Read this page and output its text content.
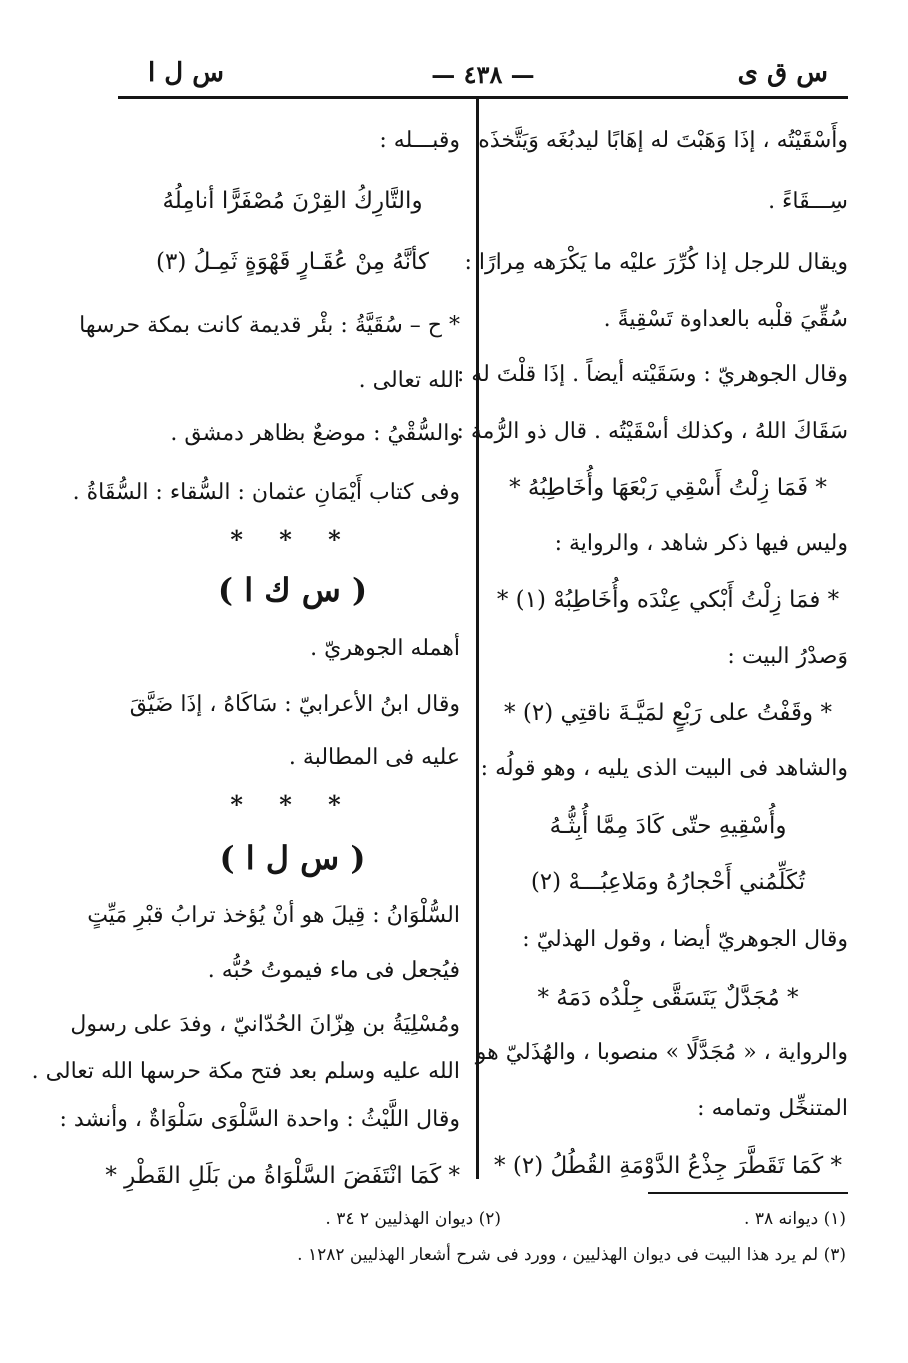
س ق ى
— ٤٣٨ —
س ل ا
وأَسْقَيْتُه ، إذَا وَهَبْتَ له إهَابًا ليدبُغَه وَيَتَّخذَه
سِـــقَاءً .
ويقال للرجل إذا كُرِّرَ عليْه ما يَكْرَهه مِرارًا :
سُقِّيَ قلْبه بالعداوة تَسْقِيةً .
وقال الجوهريّ : وسَقَيْته أيضاً . إذَا قلْتَ له :
سَقَاكَ اللهُ ، وكذلك أسْقَيْتُه . قال ذو الرُّمة :
* فَمَا زِلْتُ أَسْقِي رَبْعَهَا وأُخَاطِبُهُ *
وليس فيها ذكر شاهد ، والرواية :
* فمَا زِلْتُ أَبْكي عِنْدَه وأُخَاطِبُهْ (١) *
وَصدْرُ البيت :
* وقَفْتُ على رَبْعٍ لمَيَّـةَ ناقتِي (٢) *
والشاهد فى البيت الذى يليه ، وهو قولُه :
وأُسْقِيهِ حتّى كَادَ مِمَّا أُبِثُّـهُ
تُكَلِّمُني أَحْجارُهُ ومَلاعِبُـــهْ (٢)
وقال الجوهريّ أيضا ، وقول الهذليّ :
* مُجَدَّلٌ يَتَسَقَّى جِلْدُه دَمَهُ *
والرواية ، « مُجَدَّلًا » منصوبا ، والهُذَليّ هو
المتنخِّل وتمامه :
* كَمَا تَقَطَّرَ جِذْعُ الدَّوْمَةِ القُطُلُ (٢) *
وقبـــله :
والتَّارِكُ القِرْنَ مُصْفَرًّا أنامِلُهُ
كأنَّهُ مِنْ عُقَـارٍ قَهْوَةٍ ثَمِـلُ (٣)
* ح – سُقَيَّةُ : بئْر قديمة كانت بمكة حرسها
الله تعالى .
والسُّقْيُ : موضعٌ بظاهر دمشق .
وفى كتاب أَيْمَانِ عثمان : السُّقاء : السُّقَاةُ .
* * *
( س ك ا )
أهمله الجوهريّ .
وقال ابنُ الأعرابيّ : سَاكَاهُ ، إذَا ضَيَّقَ
عليه فى المطالبة .
* * *
( س ل ا )
السُّلْوَانُ : قِيلَ هو أنْ يُؤخذ ترابُ قبْرِ مَيِّتٍ
فيُجعل فى ماء فيموتُ حُبُّه .
ومُسْلِيَةُ بن هِزّانَ الحُدّانيّ ، وفدَ على رسول
الله عليه وسلم بعد فتح مكة حرسها الله تعالى .
وقال اللَّيْثُ : واحدة السَّلْوَى سَلْوَاةٌ ، وأنشد :
* كَمَا انْتَفَضَ السَّلْوَاةُ من بَلَلِ القَطْرِ *
(١) ديوانه ٣٨ .
(٢) ديوان الهذليين ٢ ٣٤ .
(٣) لم يرد هذا البيت فى ديوان الهذليين ، وورد فى شرح أشعار الهذليين ١٢٨٢ .
